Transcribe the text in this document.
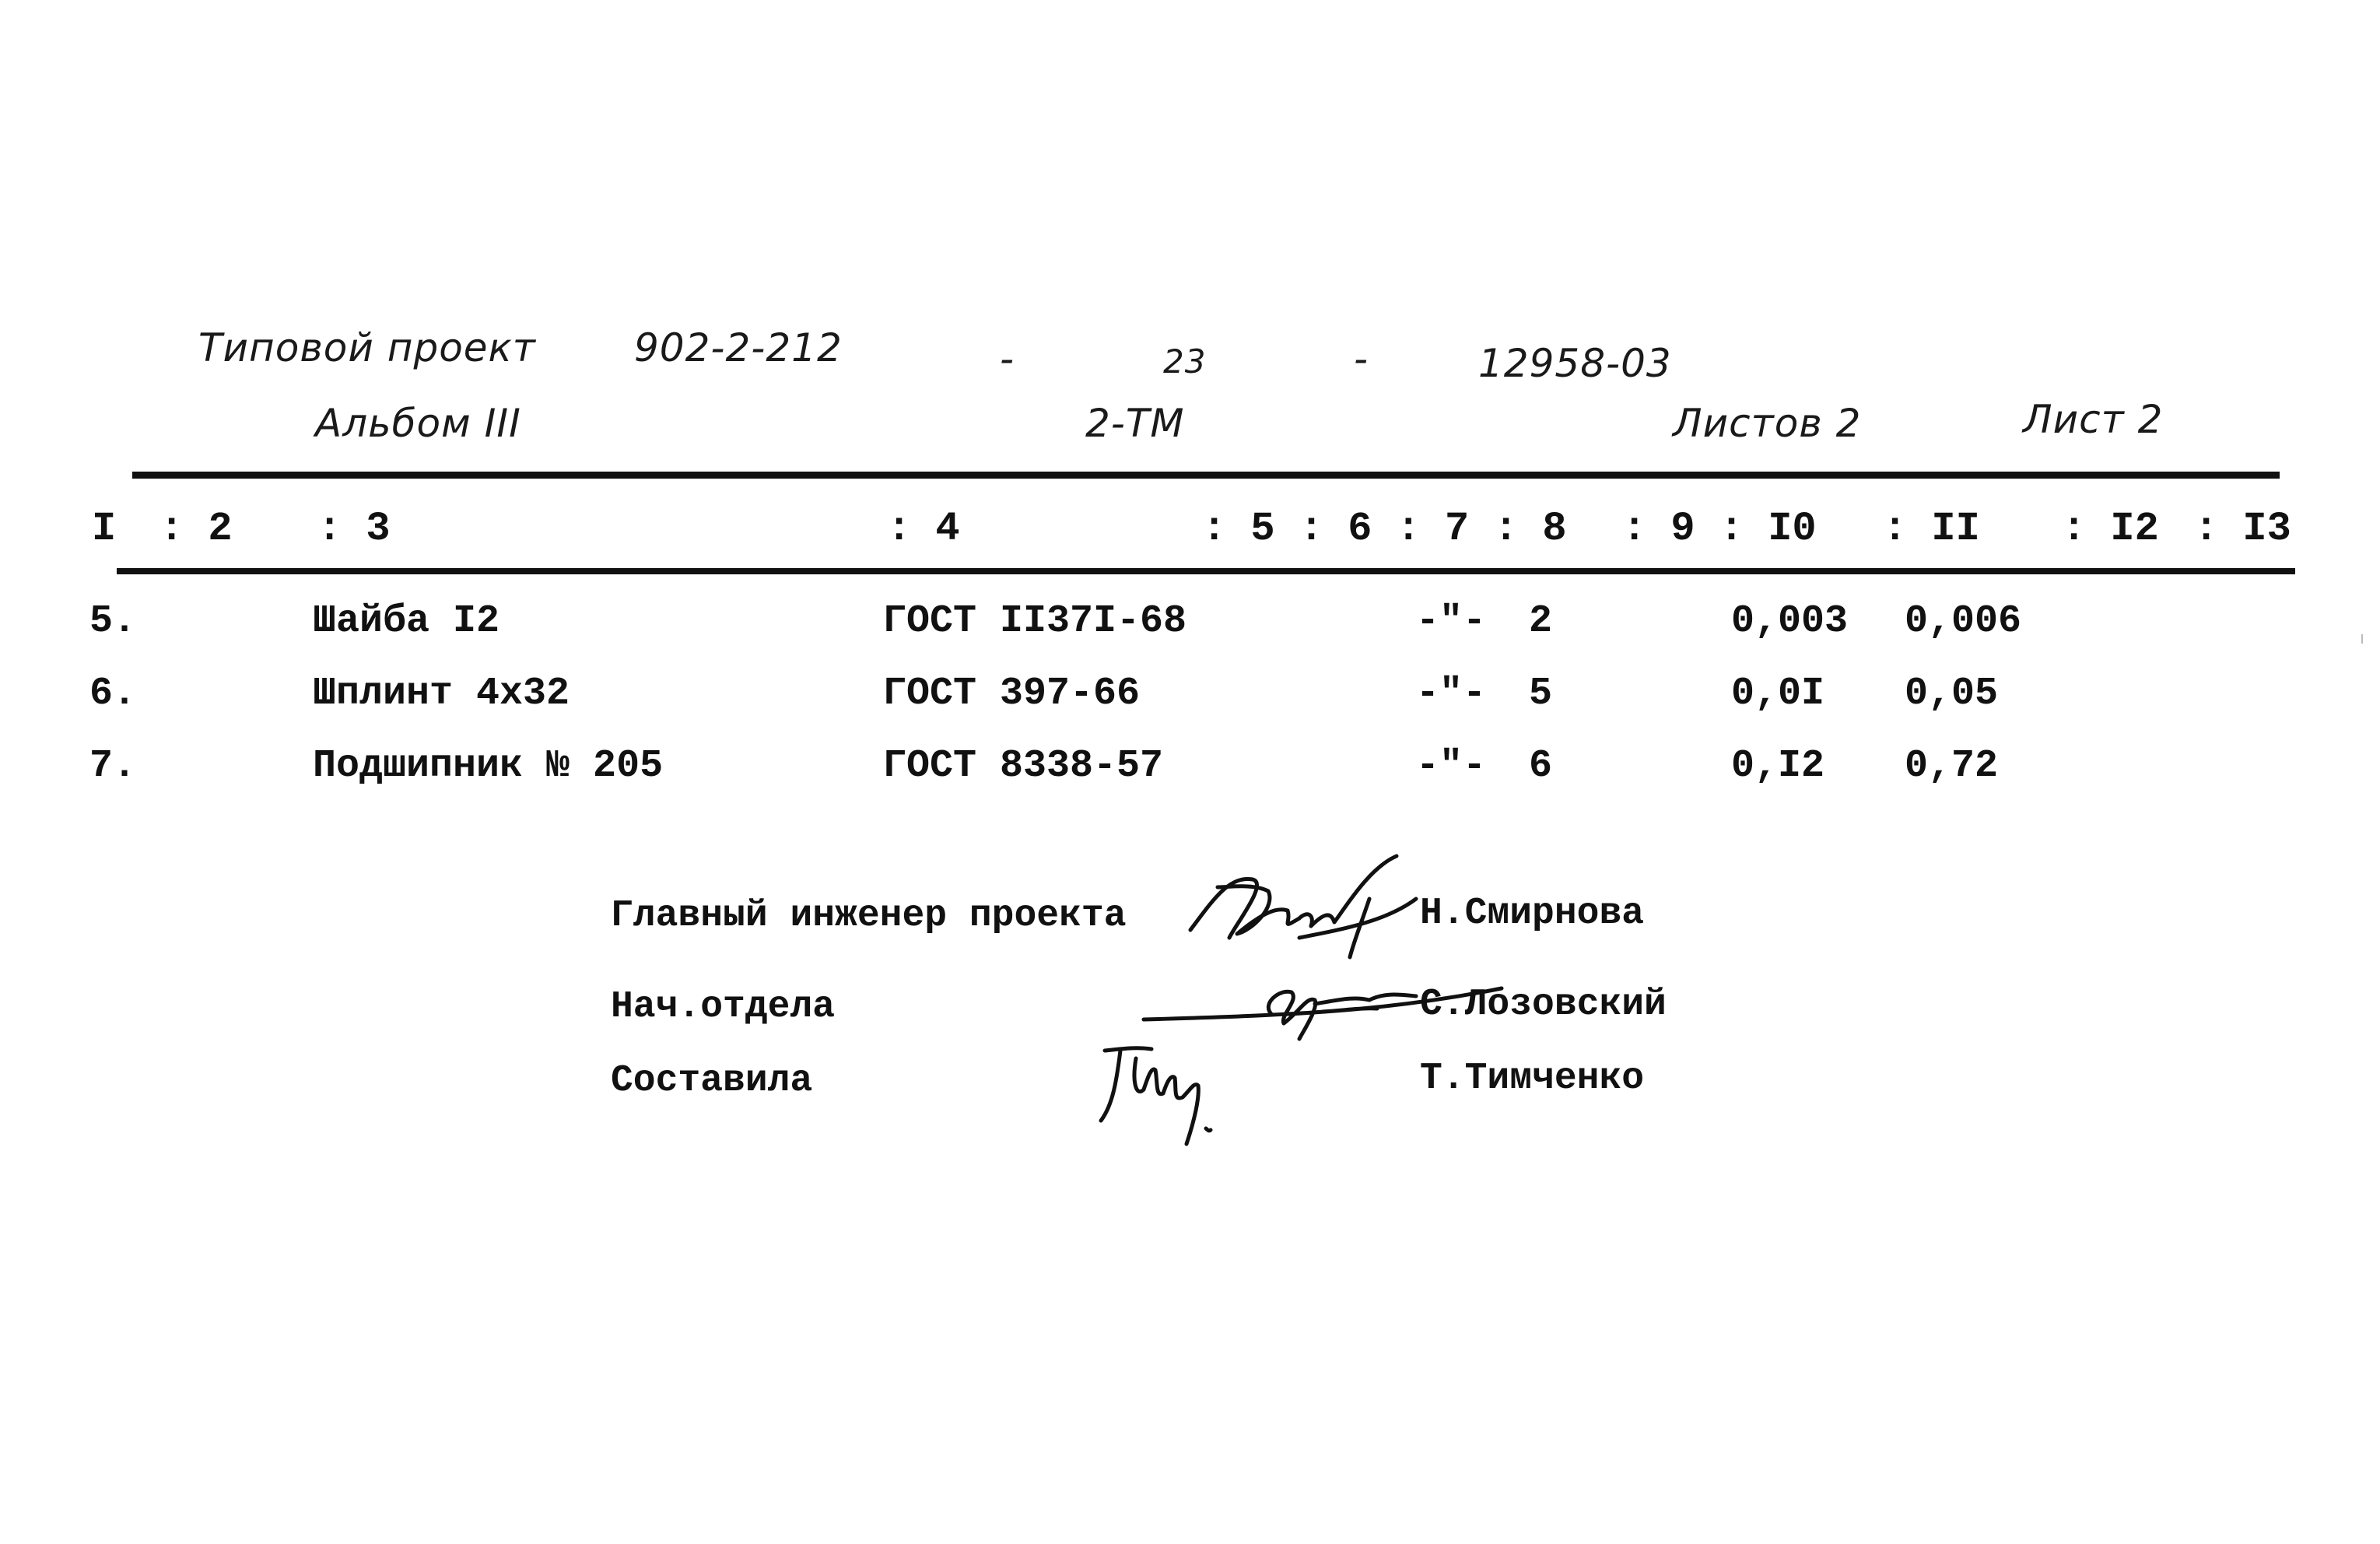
Типовой проект	902-2-212	-	23	-	12958-03
Альбом III	2-ТМ	Листов 2	Лист 2
I : 2 : 3	: 4	: 5 : 6 : 7 : 8 : 9 : I0 : II : I2 : I3
5.	Шайба I2	ГОСТ II37I-68	-"- 2	0,003 0,006
6.	Шплинт 4х32	ГОСТ 397-66	-"- 5	0,0I 0,05
7.	Подшипник № 205	ГОСТ 8338-57	-"- 6	0,I2 0,72
Главный инженер проекта	Н.Смирнова
Нач.отдела	С.Лозовский
Составила	Т.Тимченко
